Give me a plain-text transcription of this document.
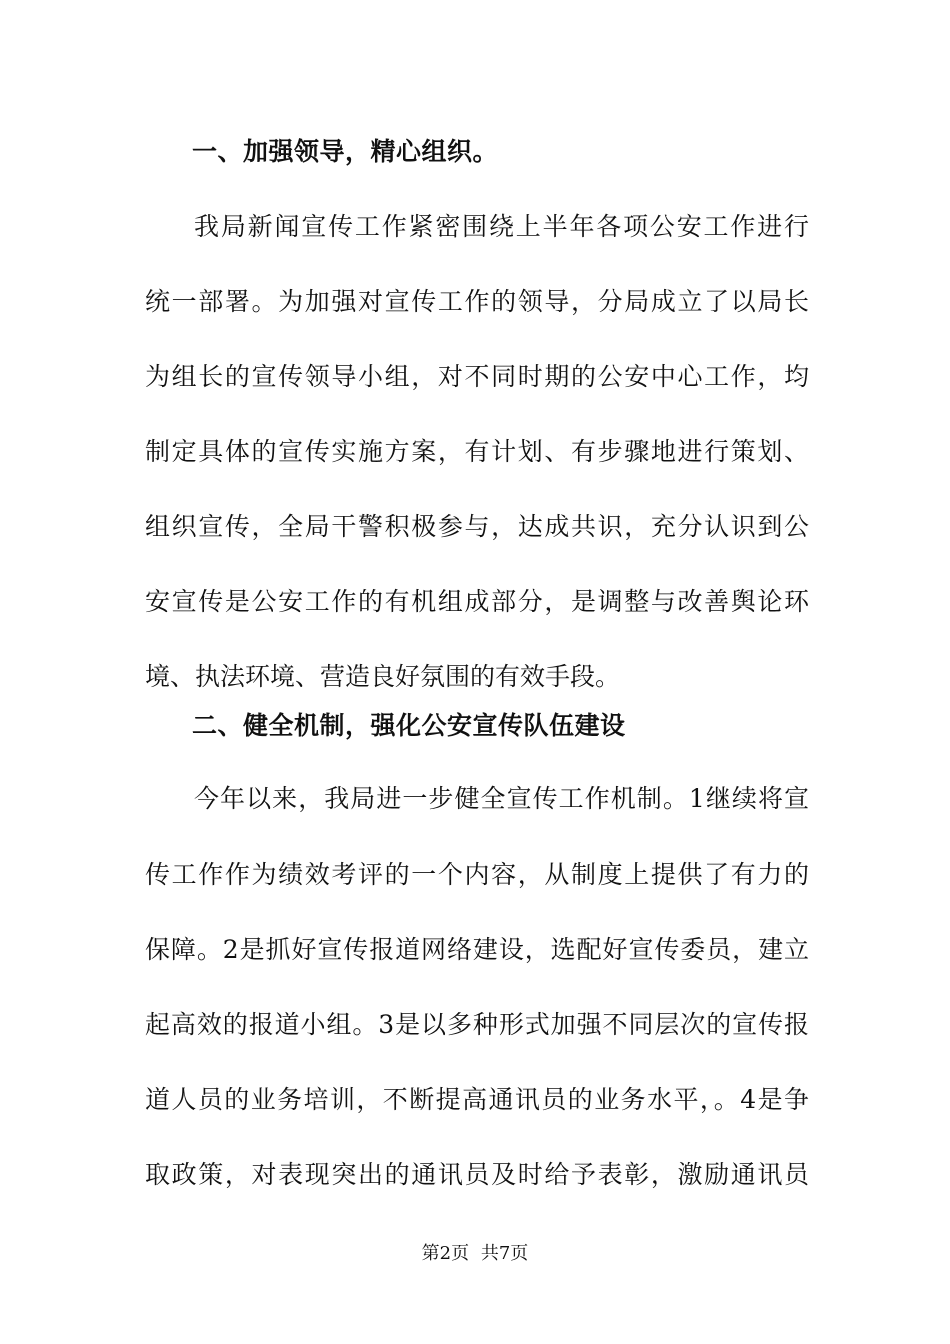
一、加强领导，精心组织。
我局新闻宣传工作紧密围绕上半年各项公安工作进行
统一部署。为加强对宣传工作的领导，分局成立了以局长
为组长的宣传领导小组，对不同时期的公安中心工作，均
制定具体的宣传实施方案，有计划、有步骤地进行策划、
组织宣传，全局干警积极参与，达成共识，充分认识到公
安宣传是公安工作的有机组成部分，是调整与改善舆论环
境、执法环境、营造良好氛围的有效手段。
二、健全机制，强化公安宣传队伍建设
今年以来，我局进一步健全宣传工作机制。1继续将宣
传工作作为绩效考评的一个内容，从制度上提供了有力的
保障。2是抓好宣传报道网络建设，选配好宣传委员，建立
起高效的报道小组。3是以多种形式加强不同层次的宣传报
道人员的业务培训，不断提高通讯员的业务水平，。4是争
取政策，对表现突出的通讯员及时给予表彰，激励通讯员
第2页 共7页
